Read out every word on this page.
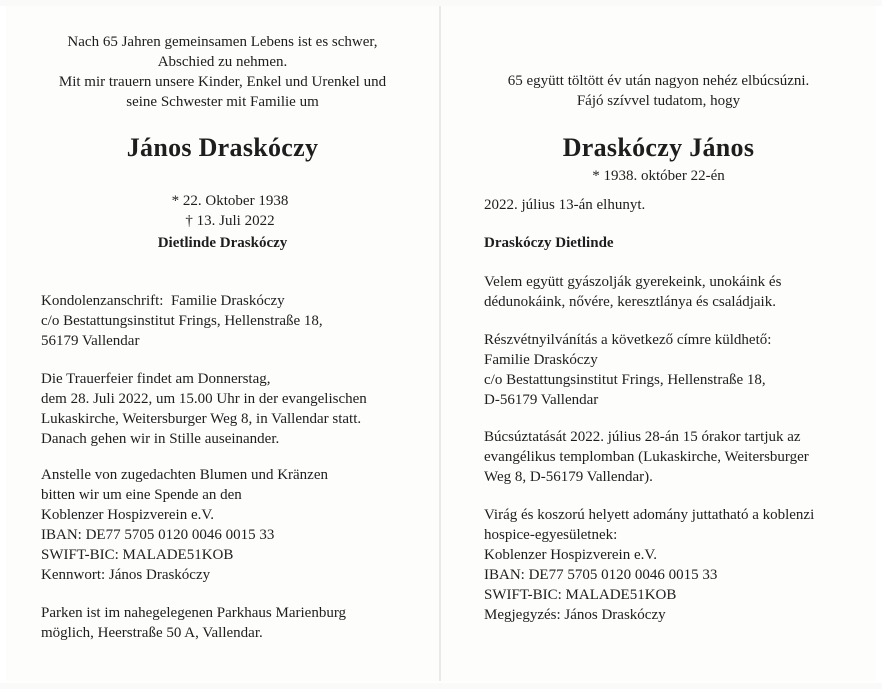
Nach 65 Jahren gemeinsamen Lebens ist es schwer,
Abschied zu nehmen.
Mit mir trauern unsere Kinder, Enkel und Urenkel und
seine Schwester mit Familie um
János Draskóczy

* 22. Oktober 1938
† 13. Juli 2022

Dietlinde Draskóczy
Kondolenzanschrift:  Familie Draskóczy
c/o Bestattungsinstitut Frings, Hellenstraße 18,
56179 Vallendar
Die Trauerfeier findet am Donnerstag,
dem 28. Juli 2022, um 15.00 Uhr in der evangelischen
Lukaskirche, Weitersburger Weg 8, in Vallendar statt.
Danach gehen wir in Stille auseinander.
Anstelle von zugedachten Blumen und Kränzen
bitten wir um eine Spende an den
Koblenzer Hospizverein e.V.
IBAN: DE77 5705 0120 0046 0015 33
SWIFT-BIC: MALADE51KOB
Kennwort: János Draskóczy
Parken ist im nahegelegenen Parkhaus Marienburg
möglich, Heerstraße 50 A, Vallendar.
65 együtt töltött év után nagyon nehéz elbúcsúzni.
Fájó szívvel tudatom, hogy
Draskóczy János
* 1938. október 22-én
2022. július 13-án elhunyt.
Draskóczy Dietlinde
Velem együtt gyászolják gyerekeink, unokáink és
dédunokáink, nővére, keresztlánya és családjaik.
Részvétnyilvánítás a következő címre küldhető:
Familie Draskóczy
c/o Bestattungsinstitut Frings, Hellenstraße 18,
D-56179 Vallendar
Búcsúztatását 2022. július 28-án 15 órakor tartjuk az
evangélikus templomban (Lukaskirche, Weitersburger
Weg 8, D-56179 Vallendar).
Virág és koszorú helyett adomány juttatható a koblenzi
hospice-egyesületnek:
Koblenzer Hospizverein e.V.
IBAN: DE77 5705 0120 0046 0015 33
SWIFT-BIC: MALADE51KOB
Megjegyzés: János Draskóczy
